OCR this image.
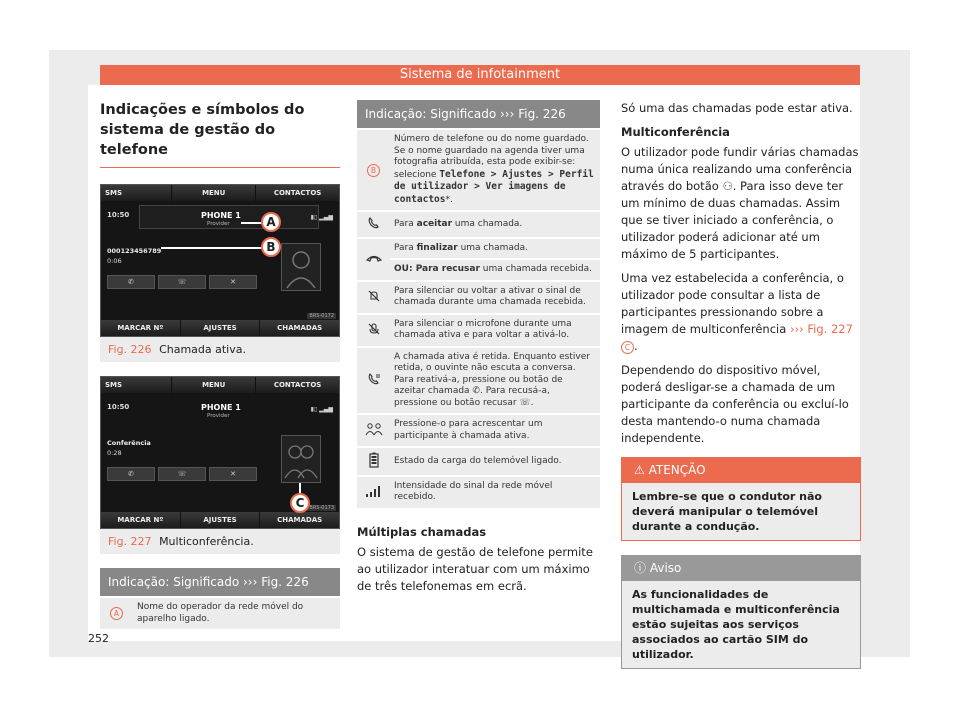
Sistema de infotainment
Indicações e símbolos do sistema de gestão do telefone
SMS	MENU	CONTACTOS
10:50	PHONE 1
Provider
▮▯ ▂▄▆
000123456789
0:06
✆	☏	✕
MARCAR Nº	AJUSTES	CHAMADAS
BRS-0172
A
B
Fig. 226 Chamada ativa.
SMS	MENU	CONTACTOS
10:50	PHONE 1
Provider
▮▯ ▂▄▆
Conferência
0:28
✆	☏	✕
MARCAR Nº	AJUSTES	CHAMADAS
BRS-0173
C
Fig. 227 Multiconferência.
Indicação: Significado ››› Fig. 226
A	Nome do operador da rede móvel do aparelho ligado.
Indicação: Significado ››› Fig. 226	
B	Número de telefone ou do nome guardado. Se o nome guardado na agenda tiver uma fotografia atribuída, esta pode exibir-se: selecione Telefone > Ajustes > Perfil de utilizador > Ver imagens de contactos*.
	Para aceitar uma chamada.
	Para finalizar uma chamada.
	OU: Para recusar uma chamada recebida.
	Para silenciar ou voltar a ativar o sinal de chamada durante uma chamada recebida.
	Para silenciar o microfone durante uma chamada ativa e para voltar a ativá-lo.
	A chamada ativa é retida. Enquanto estiver retida, o ouvinte não escuta a conversa. Para reativá-a, pressione ou botão de azeitar chamada ✆. Para recusá-a, pressione ou botão recusar ☏.
	Pressione-o para acrescentar um participante à chamada ativa.
	Estado da carga do telemóvel ligado.
	Intensidade do sinal da rede móvel recebido.
Múltiplas chamadas

O sistema de gestão de telefone permite ao utilizador interatuar com um máximo de três telefonemas em ecrã.

Só uma das chamadas pode estar ativa.

Multiconferência

O utilizador pode fundir várias chamadas numa única realizando uma conferência através do botão ⚇. Para isso deve ter um mínimo de duas chamadas. Assim que se tiver iniciado a conferência, o utilizador poderá adicionar até um máximo de 5 participantes.

Uma vez estabelecida a conferência, o utilizador pode consultar a lista de participantes pressionando sobre a imagem de multiconferência ››› Fig. 227 C .

Dependendo do dispositivo móvel, poderá desligar-se a chamada de um participante da conferência ou excluí-lo desta mantendo-o numa chamada independente.

⚠ ATENÇÃO
Lembre-se que o condutor não deverá manipular o telemóvel durante a condução.
ⓘ Aviso
As funcionalidades de multichamada e multiconferência estão sujeitas aos serviços associados ao cartão SIM do utilizador.
252
